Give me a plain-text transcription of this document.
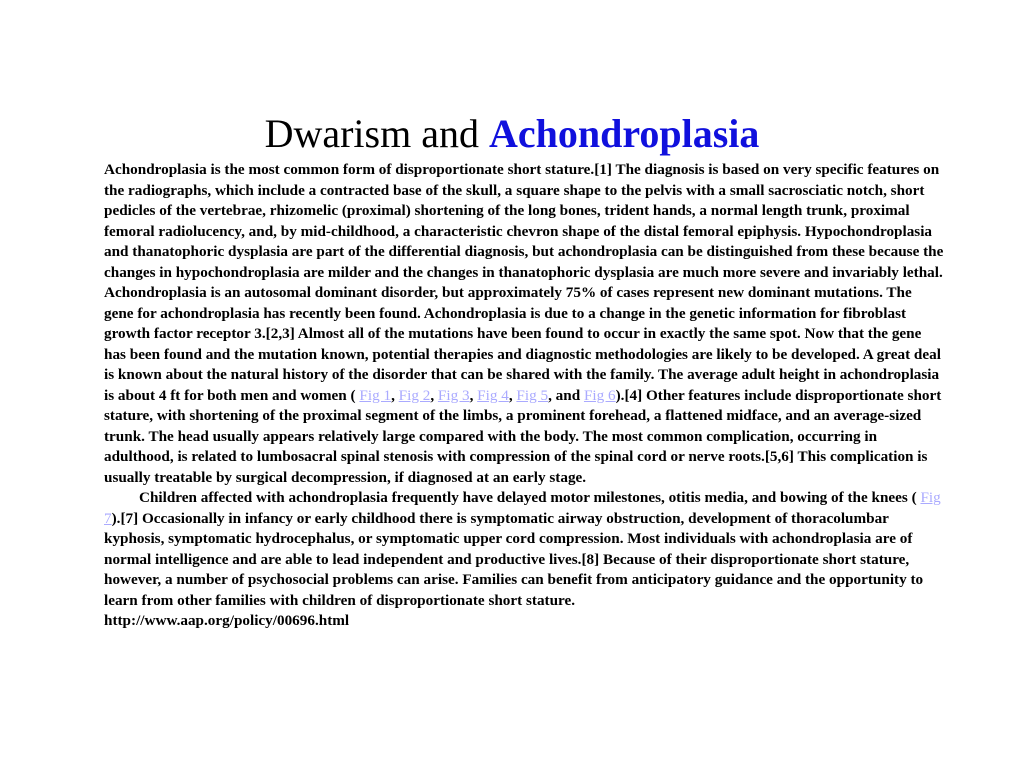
Dwarism and Achondroplasia

Achondroplasia is the most common form of disproportionate short stature.[1] The diagnosis is based on very specific features on the radiographs, which include a contracted base of the skull, a square shape to the pelvis with a small sacrosciatic notch, short pedicles of the vertebrae, rhizomelic (proximal) shortening of the long bones, trident hands, a normal length trunk, proximal femoral radiolucency, and, by mid-childhood, a characteristic chevron shape of the distal femoral epiphysis. Hypochondroplasia and thanatophoric dysplasia are part of the differential diagnosis, but achondroplasia can be distinguished from these because the changes in hypochondroplasia are milder and the changes in thanatophoric dysplasia are much more severe and invariably lethal. Achondroplasia is an autosomal dominant disorder, but approximately 75% of cases represent new dominant mutations. The gene for achondroplasia has recently been found. Achondroplasia is due to a change in the genetic information for fibroblast growth factor receptor 3.[2,3] Almost all of the mutations have been found to occur in exactly the same spot. Now that the gene has been found and the mutation known, potential therapies and diagnostic methodologies are likely to be developed. A great deal is known about the natural history of the disorder that can be shared with the family. The average adult height in achondroplasia is about 4 ft for both men and women ( Fig 1, Fig 2, Fig 3, Fig 4, Fig 5, and Fig 6).[4] Other features include disproportionate short stature, with shortening of the proximal segment of the limbs, a prominent forehead, a flattened midface, and an average-sized trunk. The head usually appears relatively large compared with the body. The most common complication, occurring in adulthood, is related to lumbosacral spinal stenosis with compression of the spinal cord or nerve roots.[5,6] This complication is usually treatable by surgical decompression, if diagnosed at an early stage.

Children affected with achondroplasia frequently have delayed motor milestones, otitis media, and bowing of the knees ( Fig 7).[7] Occasionally in infancy or early childhood there is symptomatic airway obstruction, development of thoracolumbar kyphosis, symptomatic hydrocephalus, or symptomatic upper cord compression. Most individuals with achondroplasia are of normal intelligence and are able to lead independent and productive lives.[8] Because of their disproportionate short stature, however, a number of psychosocial problems can arise. Families can benefit from anticipatory guidance and the opportunity to learn from other families with children of disproportionate short stature.

http://www.aap.org/policy/00696.html
